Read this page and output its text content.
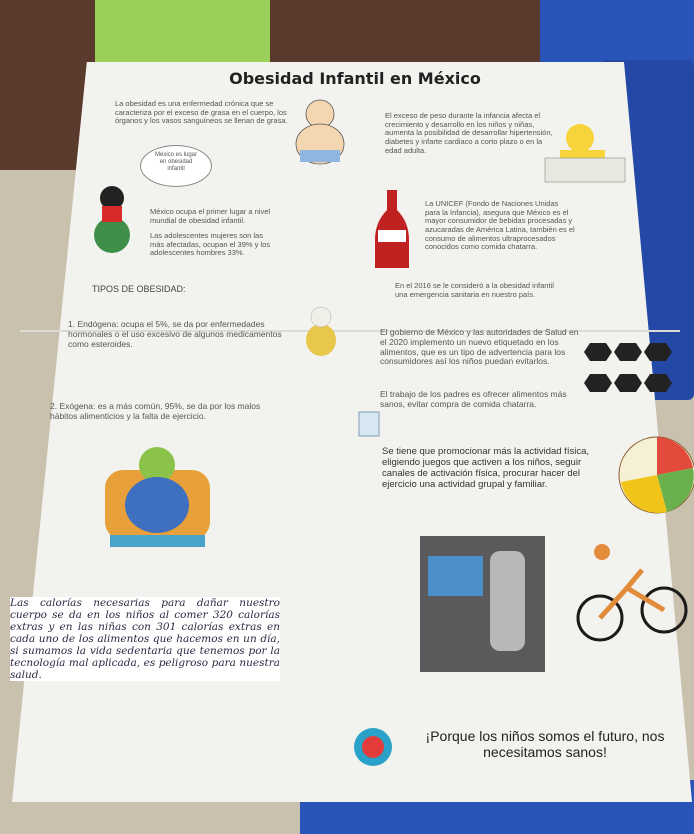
Obesidad Infantil en México
La obesidad es una enfermedad crónica que se caracteriza por el exceso de grasa en el cuerpo, los órganos y los vasos sanguíneos se llenan de grasa.
El exceso de peso durante la infancia afecta el crecimiento y desarrollo en los niños y niñas, aumenta la posibilidad de desarrollar hipertensión, diabetes y infarte cardiaco a corto plazo o en la edad adulta.
México es lugar en obesidad infantil
México ocupa el primer lugar a nivel mundial de obesidad infantil.
Las adolescentes mujeres son las más afectadas, ocupan el 39% y los adolescentes hombres 33%.
La UNICEF (Fondo de Naciones Unidas para la Infancia), asegura que México es el mayor consumidor de bebidas procesadas y azucaradas de América Latina, también es el consumo de alimentos ultraprocesados conocidos como comida chatarra.
TIPOS DE OBESIDAD:	En el 2016 se le consideró a la obesidad infantil una emergencia sanitaria en nuestro país.
1. Endógena: ocupa el 5%, se da por enfermedades hormonales o el uso excesivo de algunos medicamentos como esteroides.
El gobierno de México y las autoridades de Salud en el 2020 implemento un nuevo etiquetado en los alimentos, que es un tipo de advertencia para los consumidores así los niños puedan evitarlos.
El trabajo de los padres es ofrecer alimentos más sanos, evitar compra de comida chatarra.
2. Exógena: es a más común, 95%, se da por los malos hábitos alimenticios y la falta de ejercicio.
Se tiene que promocionar más la actividad física, eligiendo juegos que activen a los niños, seguir canales de activación física, procurar hacer del ejercicio una actividad grupal y familiar.
Las calorías necesarias para dañar nuestro cuerpo se da en los niños al comer 320 calorías extras y en las niñas con 301 calorías extras en cada uno de los alimentos que hacemos en un día, si sumamos la vida sedentaria que tenemos por la tecnología mal aplicada, es peligroso para nuestra salud.
¡Porque los niños somos el futuro, nos necesitamos sanos!
